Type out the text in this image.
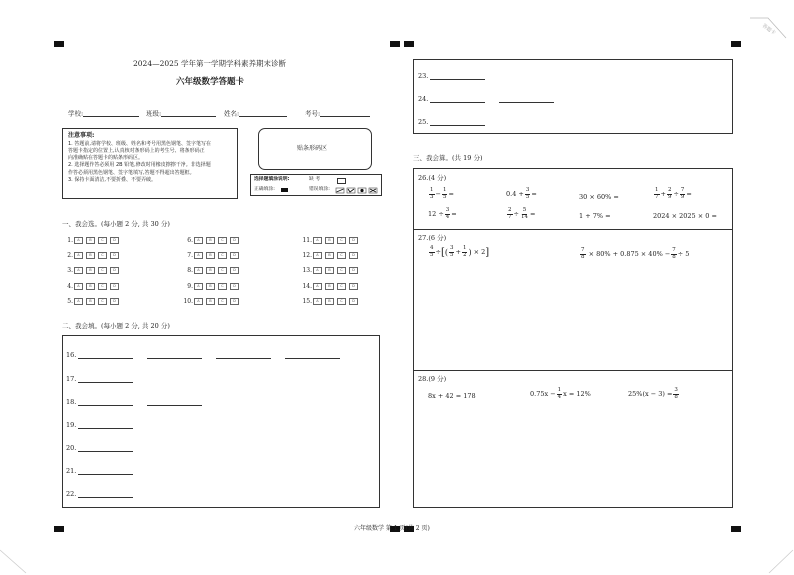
答题卡
2024—2025 学年第一学期学科素养期末诊断
六年级数学答题卡
学校:	班级:	姓名:	考号:
注意事项:
1. 答题前,请将学校、班级、姓名和考号用黑色钢笔、签字笔写在
答题卡指定的位置上,认真核对条形码上的考生号、将条形码正
向准确贴在答题卡的贴条形码区。
2. 选择题作答必须用 2B 铅笔,修改时用橡皮擦擦干净。非选择题
作答必须用黑色钢笔、签字笔填写,答题不得超出答题框。
3. 保持卡面清洁,不要折叠、不要弄破。
贴条形码区
选择题填涂说明:	缺 考
正确填涂:	错误填涂:
一、我会选。(每小题 2 分, 共 30 分)
1.	A	B	C	D
2.	A	B	C	D
3.	A	B	C	D
4.	A	B	C	D
5.	A	B	C	D
6.	A	B	C	D
7.	A	B	C	D
8.	A	B	C	D
9.	A	B	C	D
10.	A	B	C	D
11.	A	B	C	D
12.	A	B	C	D
13.	A	B	C	D
14.	A	B	C	D
15.	A	B	C	D
二、我会填。(每小题 2 分, 共 20 分)
16.
17.
18.
19.
20.
21.
22.
23.
24.
25.
三、我会算。(共 19 分)
26.(4 分)
$\frac{1}{3} - \frac{1}{5}$ =	$0.4 + \frac{3}{5}$ =	30 × 60% =	$\frac{1}{7} + \frac{2}{9} \div \frac{7}{9}$ =
$12 \div \frac{3}{4}$ =	$\frac{2}{7} \div \frac{5}{14}$ =	1 + 7% =	2024 × 2025 × 0 =
27.(6 分)
$\frac{4}{5}$ ÷ [ ( $\frac{3}{5} + \frac{1}{2}$ )
× 2 ]	$\frac{7}{8}$
× $80\% + 0.875 \times 40\% - \frac{7}{8} \div 5$
28.(9 分)
8x + 42 = 178	$0.75x - \frac{1}{4}$ x = 12%	$25\%(x - 3) = \frac{3}{8}$
六年级数学 第 1 页(共 2 页)
